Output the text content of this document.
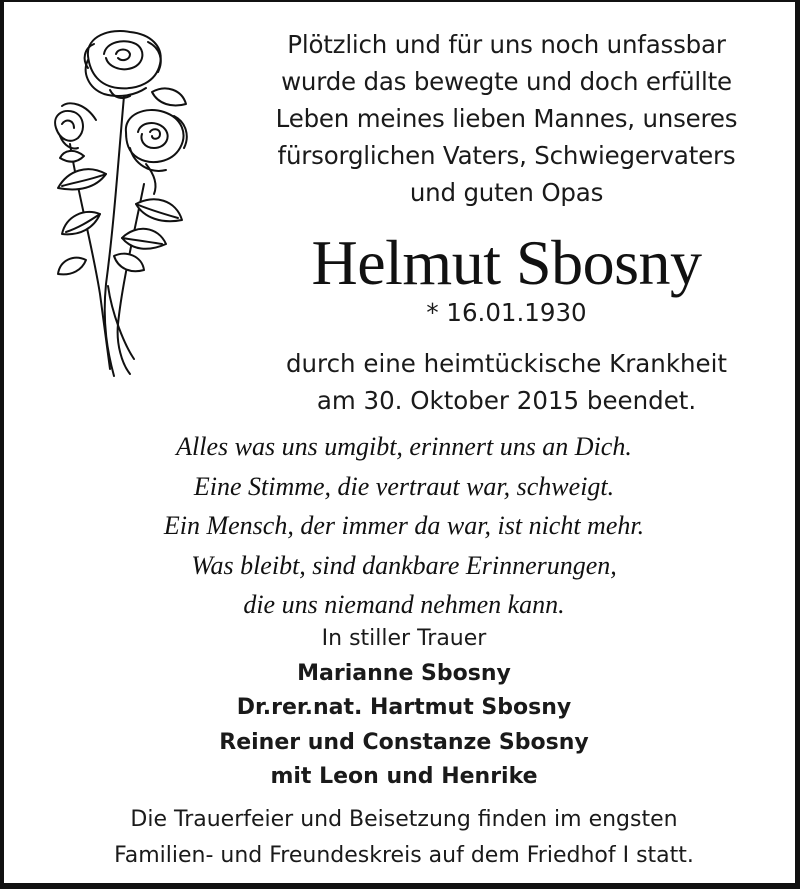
Plötzlich und für uns noch unfassbar
wurde das bewegte und doch erfüllte
Leben meines lieben Mannes, unseres
fürsorglichen Vaters, Schwiegervaters
und guten Opas
Helmut Sbosny
* 16.01.1930
durch eine heimtückische Krankheit
am 30. Oktober 2015 beendet.
Alles was uns umgibt, erinnert uns an Dich.
Eine Stimme, die vertraut war, schweigt.
Ein Mensch, der immer da war, ist nicht mehr.
Was bleibt, sind dankbare Erinnerungen,
die uns niemand nehmen kann.
In stiller Trauer
Marianne Sbosny
Dr.rer.nat. Hartmut Sbosny
Reiner und Constanze Sbosny
mit Leon und Henrike
Die Trauerfeier und Beisetzung finden im engsten
Familien- und Freundeskreis auf dem Friedhof I statt.
